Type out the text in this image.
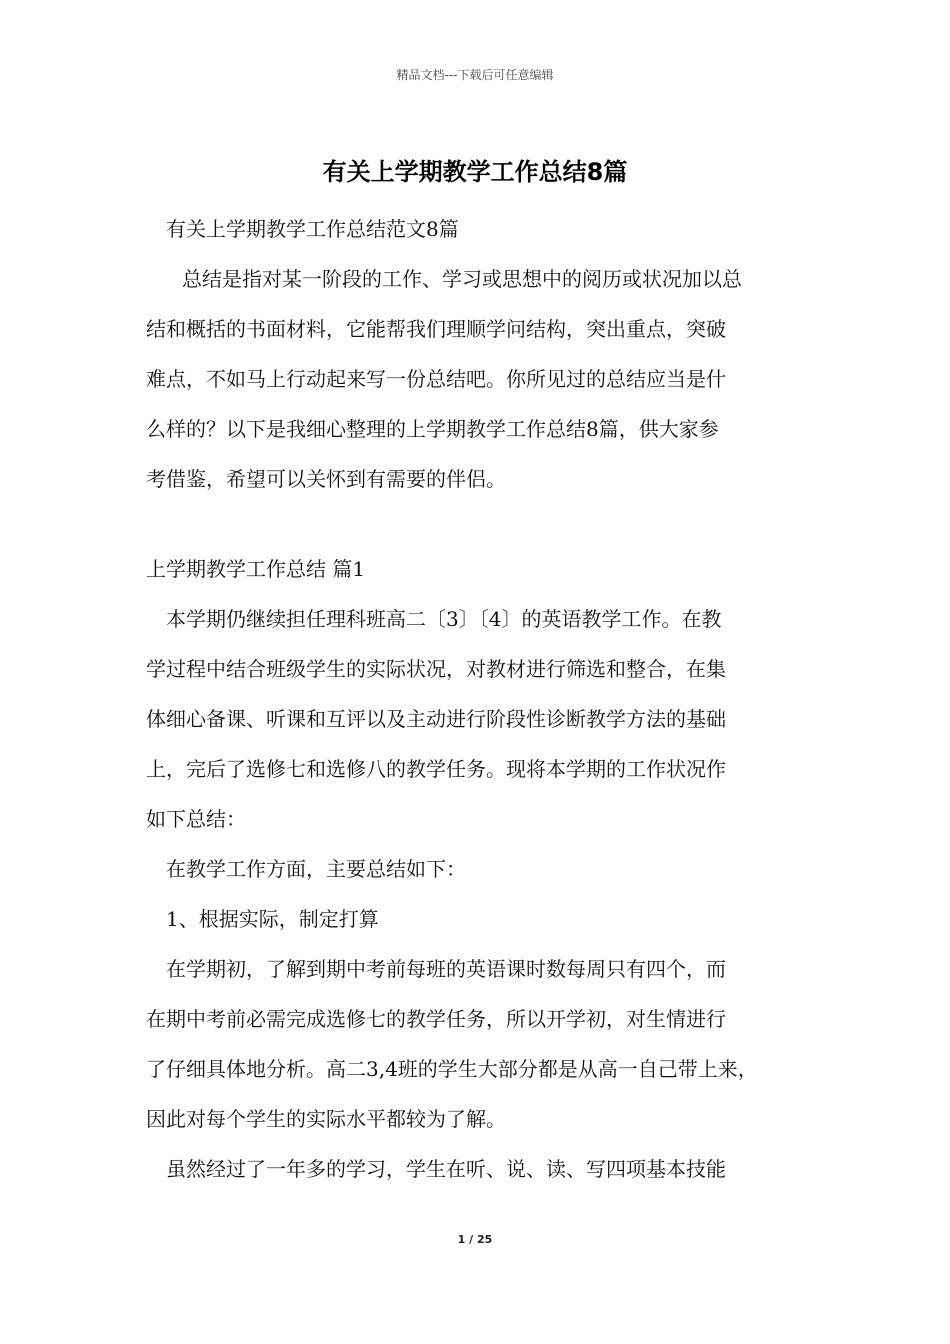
精品文档---下载后可任意编辑
有关上学期教学工作总结8篇
有关上学期教学工作总结范文8篇
总结是指对某一阶段的工作、学习或思想中的阅历或状况加以总
结和概括的书面材料，它能帮我们理顺学问结构，突出重点，突破
难点，不如马上行动起来写一份总结吧。你所见过的总结应当是什
么样的？以下是我细心整理的上学期教学工作总结8篇，供大家参
考借鉴，希望可以关怀到有需要的伴侣。
上学期教学工作总结 篇1
本学期仍继续担任理科班高二〔3〕〔4〕的英语教学工作。在教
学过程中结合班级学生的实际状况，对教材进行筛选和整合，在集
体细心备课、听课和互评以及主动进行阶段性诊断教学方法的基础
上，完后了选修七和选修八的教学任务。现将本学期的工作状况作
如下总结：
在教学工作方面，主要总结如下：
1、根据实际，制定打算
在学期初，了解到期中考前每班的英语课时数每周只有四个，而
在期中考前必需完成选修七的教学任务，所以开学初，对生情进行
了仔细具体地分析。高二3,4班的学生大部分都是从高一自己带上来，
因此对每个学生的实际水平都较为了解。
虽然经过了一年多的学习，学生在听、说、读、写四项基本技能
1 / 25
